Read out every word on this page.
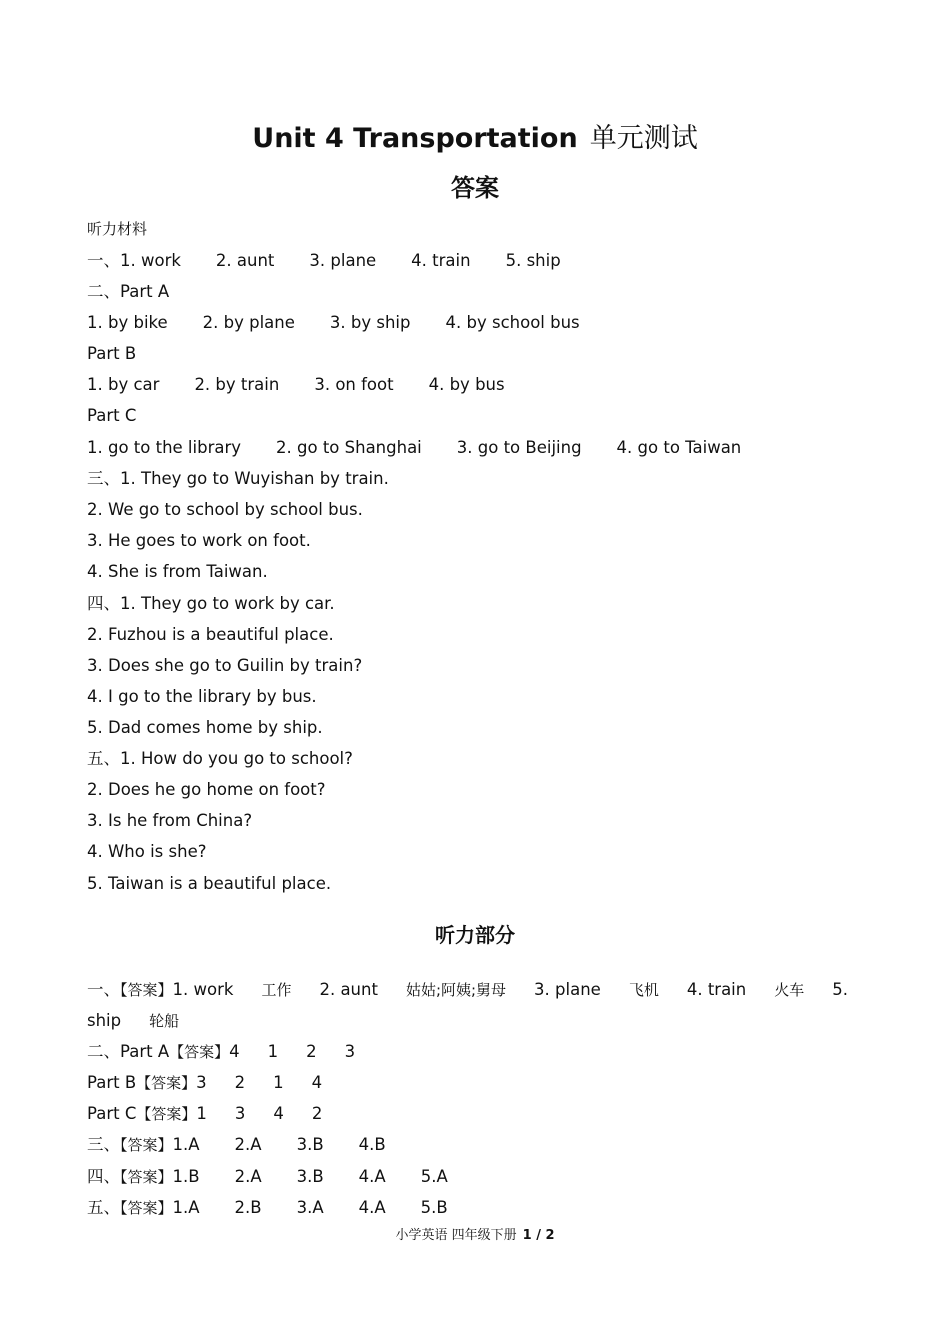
Unit 4 Transportation 单元测试
答案
听力材料
一、1. work 2. aunt 3. plane 4. train 5. ship
二、Part A
1. by bike 2. by plane 3. by ship 4. by school bus
Part B
1. by car 2. by train 3. on foot 4. by bus
Part C
1. go to the library 2. go to Shanghai 3. go to Beijing 4. go to Taiwan
三、1. They go to Wuyishan by train.
2. We go to school by school bus.
3. He goes to work on foot.
4. She is from Taiwan.
四、1. They go to work by car.
2. Fuzhou is a beautiful place.
3. Does she go to Guilin by train?
4. I go to the library by bus.
5. Dad comes home by ship.
五、1. How do you go to school?
2. Does he go home on foot?
3. Is he from China?
4. Who is she?
5. Taiwan is a beautiful place.
听力部分
一、【答案】1. work 工作 2. aunt 姑姑;阿姨;舅母 3. plane 飞机 4. train 火车 5.
ship 轮船
二、Part A【答案】4 1 2 3
Part B【答案】3 2 1 4
Part C【答案】1 3 4 2
三、【答案】1.A 2.A 3.B 4.B
四、【答案】1.B 2.A 3.B 4.A 5.A
五、【答案】1.A 2.B 3.A 4.A 5.B
小学英语 四年级下册 1 / 2
